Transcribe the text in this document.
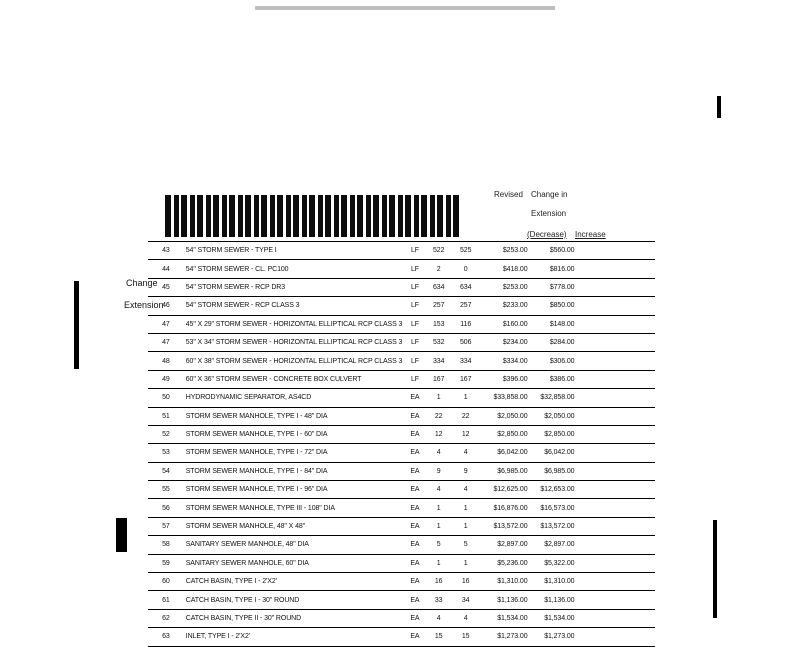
Revised Change in
Extension
(Decrease) Increase
Change
Extension
43	54" STORM SEWER - TYPE I	LF	522	525	$253.00	$560.00	
44	54" STORM SEWER - CL. PC100	LF	2	0	$418.00	$816.00	
45	54" STORM SEWER - RCP DR3	LF	634	634	$253.00	$778.00	
46	54" STORM SEWER - RCP CLASS 3	LF	257	257	$233.00	$850.00	
47	45" X 29" STORM SEWER - HORIZONTAL ELLIPTICAL RCP CLASS 3	LF	153	116	$160.00	$148.00	
47	53" X 34" STORM SEWER - HORIZONTAL ELLIPTICAL RCP CLASS 3	LF	532	506	$234.00	$284.00	
48	60" X 38" STORM SEWER - HORIZONTAL ELLIPTICAL RCP CLASS 3	LF	334	334	$334.00	$306.00	
49	60" X 36" STORM SEWER - CONCRETE BOX CULVERT	LF	167	167	$396.00	$386.00	
50	HYDRODYNAMIC SEPARATOR, AS4CD	EA	1	1	$33,858.00	$32,858.00	
51	STORM SEWER MANHOLE, TYPE I - 48" DIA	EA	22	22	$2,050.00	$2,050.00	
52	STORM SEWER MANHOLE, TYPE I - 60" DIA	EA	12	12	$2,850.00	$2,850.00	
53	STORM SEWER MANHOLE, TYPE I - 72" DIA	EA	4	4	$6,042.00	$6,042.00	
54	STORM SEWER MANHOLE, TYPE I - 84" DIA	EA	9	9	$6,985.00	$6,985.00	
55	STORM SEWER MANHOLE, TYPE I - 96" DIA	EA	4	4	$12,625.00	$12,653.00	
56	STORM SEWER MANHOLE, TYPE III - 108" DIA	EA	1	1	$16,876.00	$16,573.00	
57	STORM SEWER MANHOLE, 48" X 48"	EA	1	1	$13,572.00	$13,572.00	
58	SANITARY SEWER MANHOLE, 48" DIA	EA	5	5	$2,897.00	$2,897.00	
59	SANITARY SEWER MANHOLE, 60" DIA	EA	1	1	$5,236.00	$5,322.00	
60	CATCH BASIN, TYPE I - 2'X2'	EA	16	16	$1,310.00	$1,310.00	
61	CATCH BASIN, TYPE I - 30" ROUND	EA	33	34	$1,136.00	$1,136.00	
62	CATCH BASIN, TYPE II - 30" ROUND	EA	4	4	$1,534.00	$1,534.00	
63	INLET, TYPE I - 2'X2'	EA	15	15	$1,273.00	$1,273.00	
